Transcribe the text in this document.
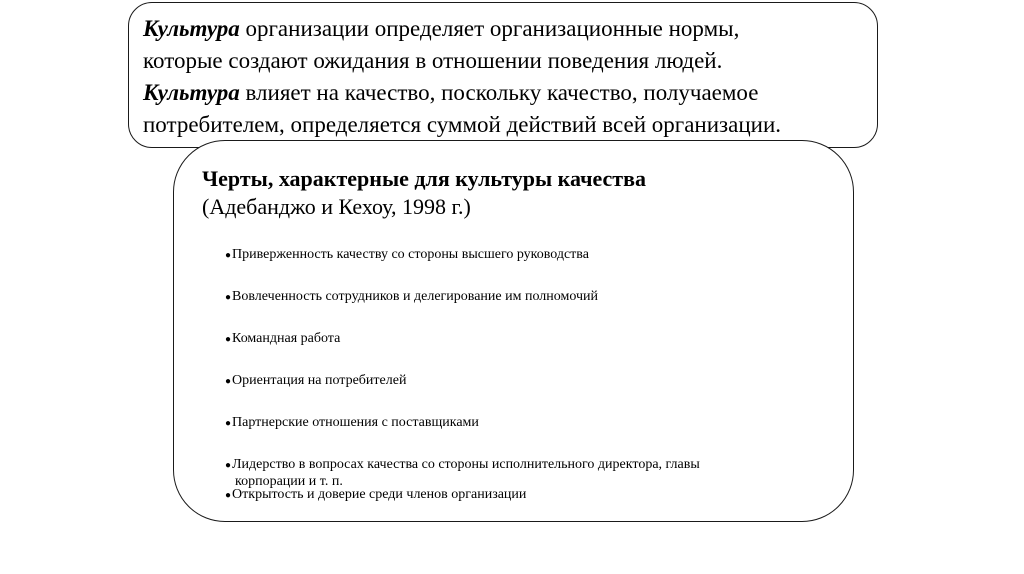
Культура организации определяет организационные нормы,

которые создают ожидания в отношении поведения людей.

Культура влияет на качество, поскольку качество, получаемое

потребителем, определяется суммой действий всей организации.

Черты, характерные для культуры качества
(Адебанджо и Кехоу, 1998 г.)
●Приверженность качеству со стороны высшего руководства
●Вовлеченность сотрудников и делегирование им полномочий
●Командная работа
●Ориентация на потребителей
●Партнерские отношения с поставщиками
●Лидерство в вопросах качества со стороны исполнительного директора, главы
корпорации и т. п.
●Открытость и доверие среди членов организации
